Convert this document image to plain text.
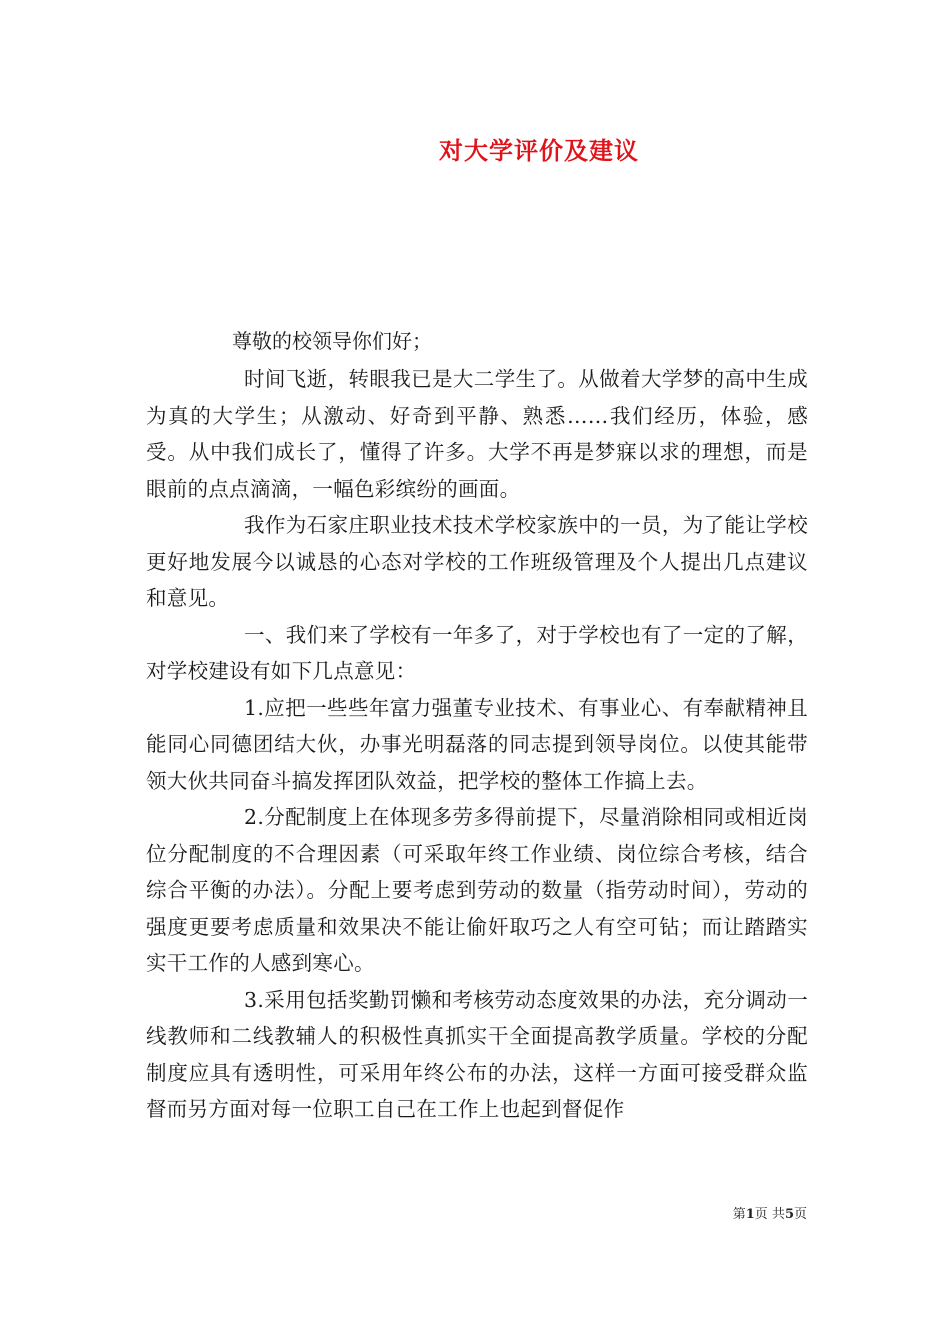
对大学评价及建议

尊敬的校领导你们好；

时间飞逝，转眼我已是大二学生了。从做着大学梦的高中生成为真的大学生；从激动、好奇到平静、熟悉……我们经历，体验，感受。从中我们成长了，懂得了许多。大学不再是梦寐以求的理想，而是眼前的点点滴滴，一幅色彩缤纷的画面。

我作为石家庄职业技术技术学校家族中的一员，为了能让学校更好地发展今以诚恳的心态对学校的工作班级管理及个人提出几点建议和意见。

一、我们来了学校有一年多了，对于学校也有了一定的了解，对学校建设有如下几点意见：

1.应把一些些年富力强董专业技术、有事业心、有奉献精神且能同心同德团结大伙，办事光明磊落的同志提到领导岗位。以使其能带领大伙共同奋斗搞发挥团队效益，把学校的整体工作搞上去。

2.分配制度上在体现多劳多得前提下，尽量消除相同或相近岗位分配制度的不合理因素（可采取年终工作业绩、岗位综合考核，结合综合平衡的办法）。分配上要考虑到劳动的数量（指劳动时间），劳动的强度更要考虑质量和效果决不能让偷奸取巧之人有空可钻；而让踏踏实实干工作的人感到寒心。

3.采用包括奖勤罚懒和考核劳动态度效果的办法，充分调动一线教师和二线教辅人的积极性真抓实干全面提高教学质量。学校的分配制度应具有透明性，可采用年终公布的办法，这样一方面可接受群众监督而另方面对每一位职工自己在工作上也起到督促作

第1页 共5页
